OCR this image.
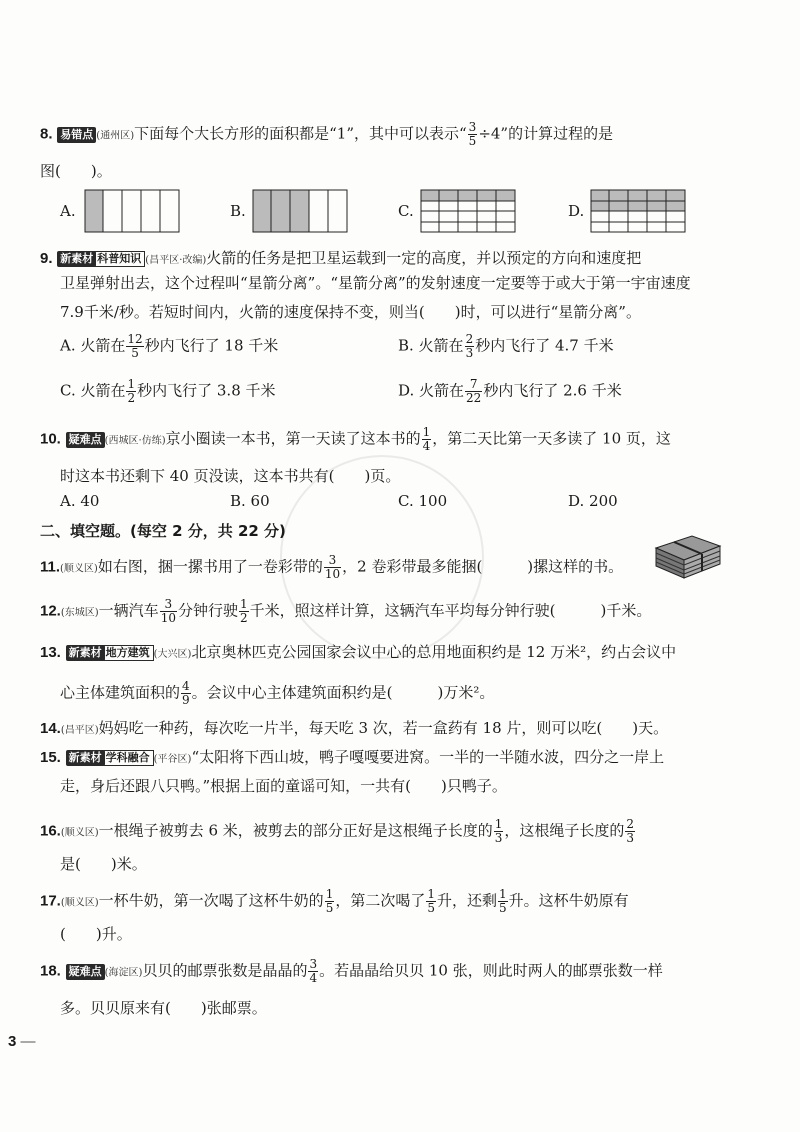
8. 易错点 (通州区)下面每个大长方形的面积都是“1”，其中可以表示“ $\frac{3}{5} \div 4$”的计算过程的是
图(　　)。
A.	B.	C.	D.
9. 新素材 科普知识 (昌平区·改编)火箭的任务是把卫星运载到一定的高度，并以预定的方向和速度把
卫星弹射出去，这个过程叫“星箭分离”。“星箭分离”的发射速度一定要等于或大于第一宇宙速度
7.9千米/秒。若短时间内，火箭的速度保持不变，则当(　　)时，可以进行“星箭分离”。
A. 火箭在 $\frac{12}{5}$ 秒内飞行了 18 千米	B. 火箭在 $\frac{2}{3}$ 秒内飞行了 4.7 千米
C. 火箭在 $\frac{1}{2}$ 秒内飞行了 3.8 千米	D. 火箭在 $\frac{7}{22}$ 秒内飞行了 2.6 千米
10. 疑难点 (西城区·仿练)京小圈读一本书，第一天读了这本书的 $\frac{1}{4}$ ，第二天比第一天多读了 10 页，这
时这本书还剩下 40 页没读，这本书共有(　　)页。
A. 40	B. 60	C. 100	D. 200
二、填空题。(每空 2 分，共 22 分)
11.(顺义区)如右图，捆一摞书用了一卷彩带的 $\frac{3}{10}$ ，2 卷彩带最多能捆(　　　)摞这样的书。
12.(东城区)一辆汽车 $\frac{3}{10}$ 分钟行驶 $\frac{1}{2}$ 千米，照这样计算，这辆汽车平均每分钟行驶(　　　)千米。
13. 新素材 地方建筑 (大兴区)北京奥林匹克公园国家会议中心的总用地面积约是 12 万米²，约占会议中
心主体建筑面积的 $\frac{4}{9}$ 。会议中心主体建筑面积约是(　　　)万米²。
14.(昌平区)妈妈吃一种药，每次吃一片半，每天吃 3 次，若一盒药有 18 片，则可以吃(　　)天。
15. 新素材 学科融合 (平谷区)“太阳将下西山坡，鸭子嘎嘎要进窝。一半的一半随水波，四分之一岸上
走，身后还跟八只鸭。”根据上面的童谣可知，一共有(　　)只鸭子。
16.(顺义区)一根绳子被剪去 6 米，被剪去的部分正好是这根绳子长度的 $\frac{1}{3}$ ，这根绳子长度的 $\frac{2}{3}$
是(　　)米。
17.(顺义区)一杯牛奶，第一次喝了这杯牛奶的 $\frac{1}{5}$ ，第二次喝了 $\frac{1}{5}$ 升，还剩 $\frac{1}{5}$ 升。这杯牛奶原有
(　　)升。
18. 疑难点 (海淀区)贝贝的邮票张数是晶晶的 $\frac{3}{4}$ 。若晶晶给贝贝 10 张，则此时两人的邮票张数一样
多。贝贝原来有(　　)张邮票。
3 —
